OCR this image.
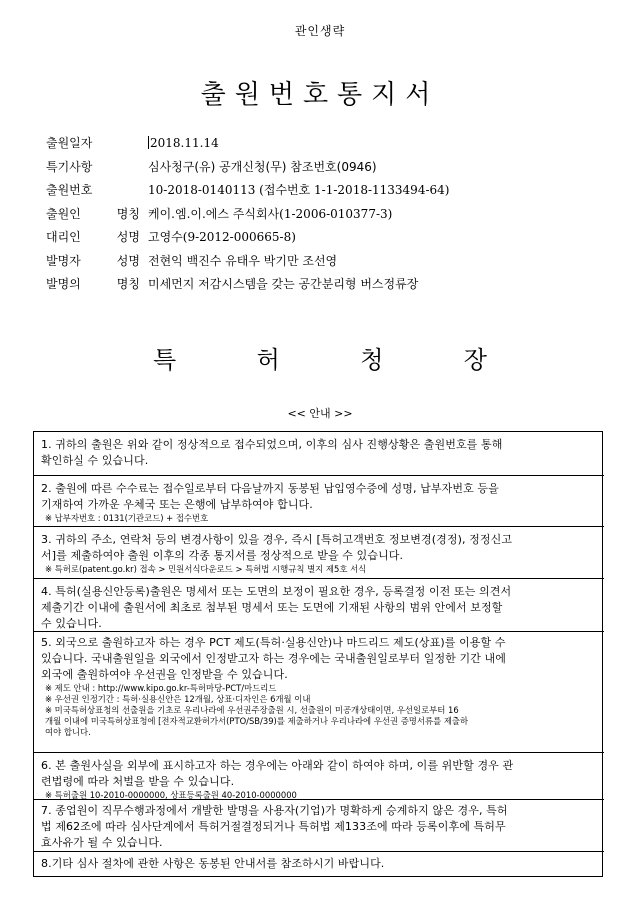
관인생략
출원번호통지서
출원일자	2018.11.14
특기사항	심사청구(유) 공개신청(무) 참조번호(0946)
출원번호	10-2018-0140113 (접수번호 1-1-2018-1133494-64)
출원인 명칭 케이.엠.이.에스 주식회사(1-2006-010377-3)
대리인 성명 고영수(9-2012-000665-8)
발명자 성명 전현익 백진수 유태우 박기만 조선영
발명의 명칭 미세먼지 저감시스템을 갖는 공간분리형 버스정류장
특	허	청	장
<< 안내 >>
1. 귀하의 출원은 위와 같이 정상적으로 접수되었으며, 이후의 심사 진행상황은 출원번호를 통해
확인하실 수 있습니다.
2. 출원에 따른 수수료는 접수일로부터 다음날까지 동봉된 납입영수증에 성명, 납부자번호 등을
기재하여 가까운 우체국 또는 은행에 납부하여야 합니다.
※ 납부자번호 : 0131(기관코드) + 접수번호
3. 귀하의 주소, 연락처 등의 변경사항이 있을 경우, 즉시 [특허고객번호 정보변경(경정), 정정신고
서]를 제출하여야 출원 이후의 각종 통지서를 정상적으로 받을 수 있습니다.
※ 특허로(patent.go.kr) 접속 > 민원서식다운로드 > 특허법 시행규칙 별지 제5호 서식
4. 특허(실용신안등록)출원은 명세서 또는 도면의 보정이 필요한 경우, 등록결정 이전 또는 의견서
제출기간 이내에 출원서에 최초로 첨부된 명세서 또는 도면에 기재된 사항의 범위 안에서 보정할
수 있습니다.
5. 외국으로 출원하고자 하는 경우 PCT 제도(특허·실용신안)나 마드리드 제도(상표)를 이용할 수
있습니다. 국내출원일을 외국에서 인정받고자 하는 경우에는 국내출원일로부터 일정한 기간 내에
외국에 출원하여야 우선권을 인정받을 수 있습니다.
※ 제도 안내 : http://www.kipo.go.kr-특허마당-PCT/마드리드
※ 우선권 인정기간 : 특허·실용신안은 12개월, 상표·디자인은 6개월 이내
※ 미국특허상표청의 선출원을 기초로 우리나라에 우선권주장출원 시, 선출원이 미공개상태이면, 우선일로부터 16
개월 이내에 미국특허상표청에 [전자적교환허가서(PTO/SB/39)를 제출하거나 우리나라에 우선권 증명서류를 제출하
여야 합니다.
6. 본 출원사실을 외부에 표시하고자 하는 경우에는 아래와 같이 하여야 하며, 이를 위반할 경우 관
련법령에 따라 처벌을 받을 수 있습니다.
※ 특허출원 10-2010-0000000, 상표등록출원 40-2010-0000000
7. 종업원이 직무수행과정에서 개발한 발명을 사용자(기업)가 명확하게 승계하지 않은 경우, 특허
법 제62조에 따라 심사단계에서 특허거절결정되거나 특허법 제133조에 따라 등록이후에 특허무
효사유가 될 수 있습니다.
8.기타 심사 절차에 관한 사항은 동봉된 안내서를 참조하시기 바랍니다.
